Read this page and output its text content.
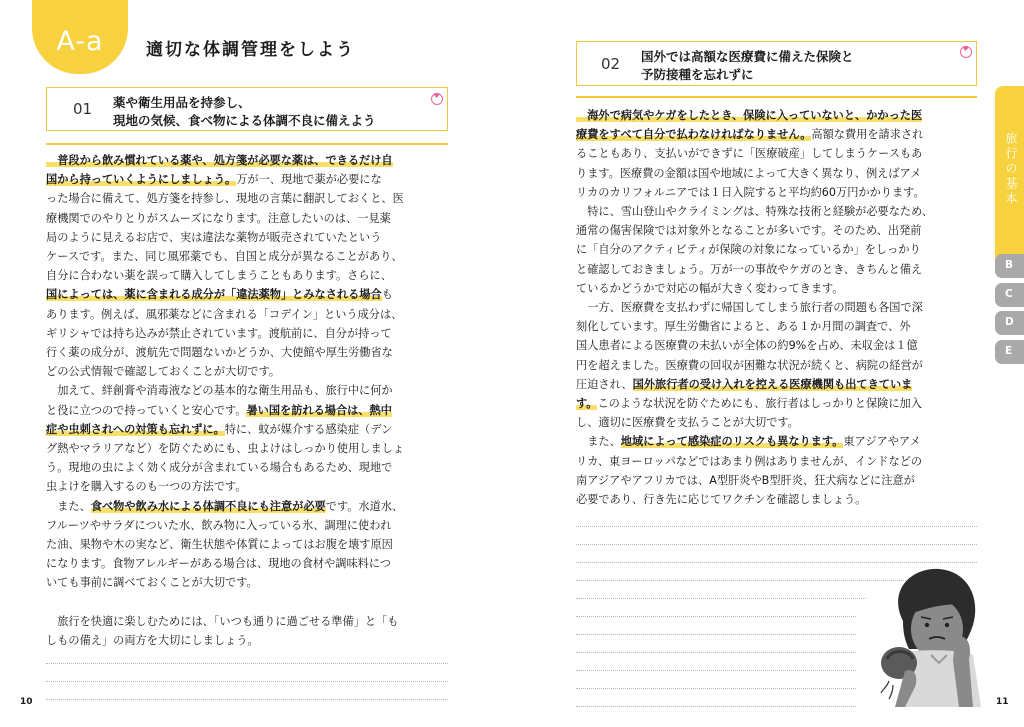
A-a	適切な体調管理をしよう
01 薬や衛生用品を持参し、
現地の気候、食べ物による体調不良に備えよう
♥
　普段から飲み慣れている薬や、処方箋が必要な薬は、できるだけ自
国から持っていくようにしましょう。万が一、現地で薬が必要にな
った場合に備えて、処方箋を持参し、現地の言葉に翻訳しておくと、医
療機関でのやりとりがスムーズになります。注意したいのは、一見薬
局のように見えるお店で、実は違法な薬物が販売されていたという
ケースです。また、同じ風邪薬でも、自国と成分が異なることがあり、
自分に合わない薬を誤って購入してしまうこともあります。さらに、
国によっては、薬に含まれる成分が「違法薬物」とみなされる場合も
あります。例えば、風邪薬などに含まれる「コデイン」という成分は、
ギリシャでは持ち込みが禁止されています。渡航前に、自分が持って
行く薬の成分が、渡航先で問題ないかどうか、大使館や厚生労働省な
どの公式情報で確認しておくことが大切です。
　加えて、絆創膏や消毒液などの基本的な衛生用品も、旅行中に何か
と役に立つので持っていくと安心です。暑い国を訪れる場合は、熱中
症や虫刺されへの対策も忘れずに。特に、蚊が媒介する感染症（デン
グ熱やマラリアなど）を防ぐためにも、虫よけはしっかり使用しましょ
う。現地の虫によく効く成分が含まれている場合もあるため、現地で
虫よけを購入するのも一つの方法です。
　また、食べ物や飲み水による体調不良にも注意が必要です。水道水、
フルーツやサラダについた水、飲み物に入っている氷、調理に使われ
た油、果物や木の実など、衛生状態や体質によってはお腹を壊す原因
になります。食物アレルギーがある場合は、現地の食材や調味料につ
いても事前に調べておくことが大切です。
　旅行を快適に楽しむためには、「いつも通りに過ごせる準備」と「も
しもの備え」の両方を大切にしましょう。
10
02 国外では高額な医療費に備えた保険と
予防接種を忘れずに
♥
　海外で病気やケガをしたとき、保険に入っていないと、かかった医
療費をすべて自分で払わなければなりません。高額な費用を請求され
ることもあり、支払いができずに「医療破産」してしまうケースもあ
ります。医療費の金額は国や地域によって大きく異なり、例えばアメ
リカのカリフォルニアでは１日入院すると平均約60万円かかります。
　特に、雪山登山やクライミングは、特殊な技術と経験が必要なため、
通常の傷害保険では対象外となることが多いです。そのため、出発前
に「自分のアクティビティが保険の対象になっているか」をしっかり
と確認しておきましょう。万が一の事故やケガのとき、きちんと備え
ているかどうかで対応の幅が大きく変わってきます。
　一方、医療費を支払わずに帰国してしまう旅行者の問題も各国で深
刻化しています。厚生労働省によると、ある１か月間の調査で、外
国人患者による医療費の未払いが全体の約9%を占め、未収金は１億
円を超えました。医療費の回収が困難な状況が続くと、病院の経営が
圧迫され、国外旅行者の受け入れを控える医療機関も出てきていま
す。このような状況を防ぐためにも、旅行者はしっかりと保険に加入
し、適切に医療費を支払うことが大切です。
　また、地域によって感染症のリスクも異なります。東アジアやアメ
リカ、東ヨーロッパなどではあまり例はありませんが、インドなどの
南アジアやアフリカでは、A型肝炎やB型肝炎、狂犬病などに注意が
必要であり、行き先に応じてワクチンを確認しましょう。
旅行の基本
B
C
D
E
11
